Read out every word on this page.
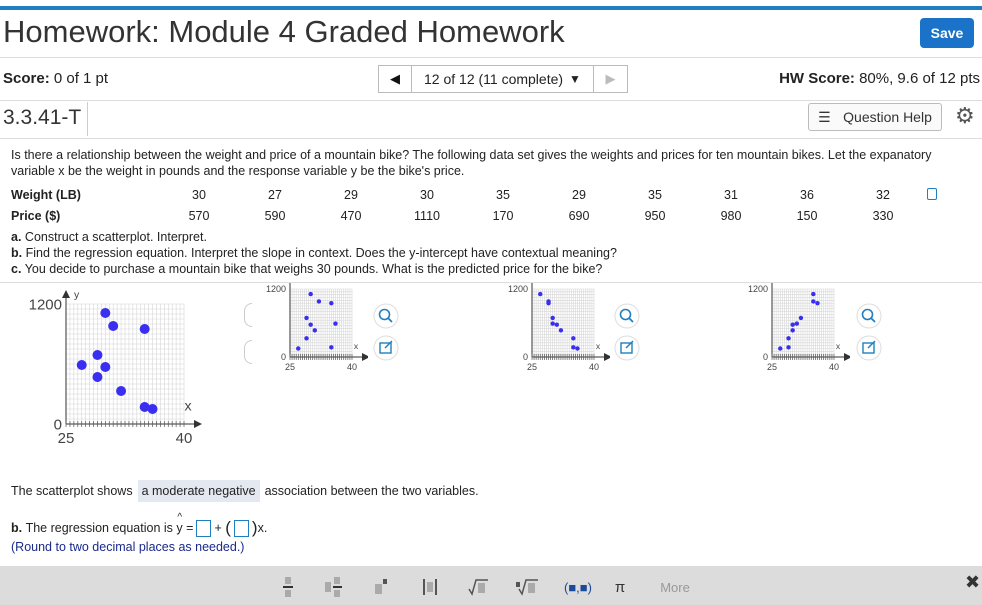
Homework: Module 4 Graded Homework	Save
Score: 0 of 1 pt	◀ 12 of 12 (11 complete) ▼ ▶	HW Score: 80%, 9.6 of 12 pts
3.3.41-T	☰ Question Help ⚙
Is there a relationship between the weight and price of a mountain bike? The following data set gives the weights and prices for ten mountain bikes. Let the expanatory variable x be the weight in pounds and the response variable y be the bike's price.
Weight (LB)	30	27	29	30	35	29	35	31	36	32
Price ($)	570	590	470	1110	170	690	950	980	150	330
a. Construct a scatterplot. Interpret.
b. Find the regression equation. Interpret the slope in context. Does the y-intercept have contextual meaning?
c. You decide to purchase a mountain bike that weighs 30 pounds. What is the predicted price for the bike?
1200
0
25	40
x
y	1200
0
25	40
x
1200
0
25	40
x
1200
0
25	40
x
The scatterplot shows a moderate negative association between the two variables.
b.
The regression equation is

^
y
= +
( ) x.
(Round to two decimal places as needed.)
(■,■) π	More	✖
